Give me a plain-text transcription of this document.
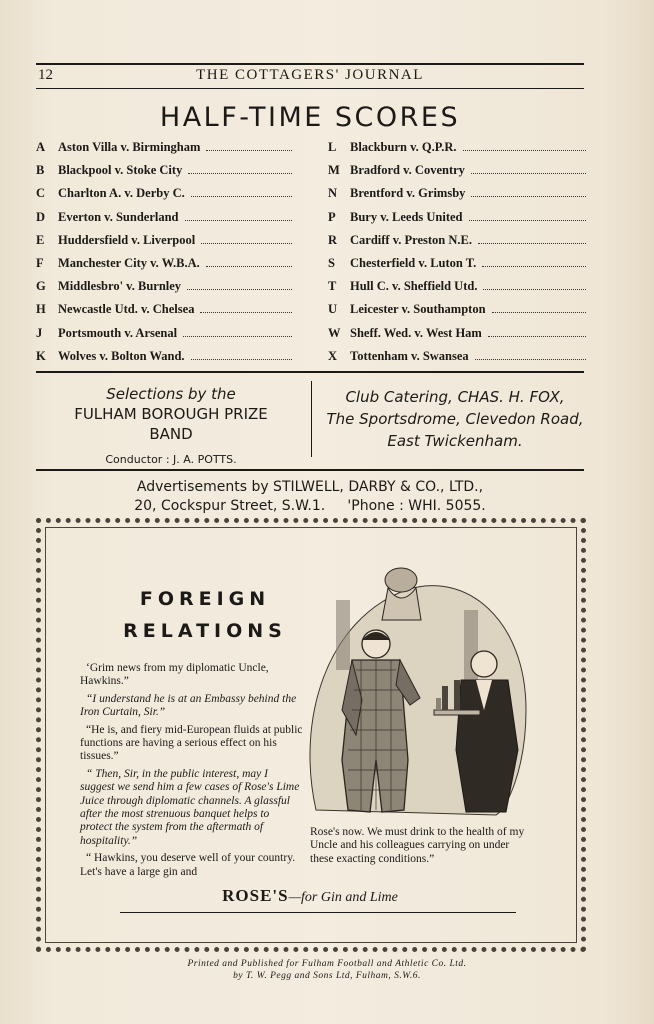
12	THE COTTAGERS' JOURNAL
HALF-TIME SCORES
A	Aston Villa v. Birmingham
B	Blackpool v. Stoke City
C	Charlton A. v. Derby C.
D	Everton v. Sunderland
E	Huddersfield v. Liverpool
F	Manchester City v. W.B.A.
G Middlesbro' v. Burnley
H Newcastle Utd. v. Chelsea
J	Portsmouth v. Arsenal
K Wolves v. Bolton Wand.
L	Blackburn v. Q.P.R.
M Bradford v. Coventry
N	Brentford v. Grimsby
P	Bury v. Leeds United
R	Cardiff v. Preston N.E.
S	Chesterfield v. Luton T.
T	Hull C. v. Sheffield Utd.
U	Leicester v. Southampton
W Sheff. Wed. v. West Ham
X	Tottenham v. Swansea
Selections by the
FULHAM BOROUGH PRIZE
BAND
Conductor : J. A. POTTS.
Club Catering, CHAS. H. FOX,
The Sportsdrome, Clevedon Road,
East Twickenham.
Advertisements by STILWELL, DARBY & CO., LTD.,
20, Cockspur Street, S.W.1.     'Phone : WHI. 5055.
FOREIGN
RELATIONS

‘Grim news from my diplomatic Uncle, Hawkins.”

“I understand he is at an Embassy behind the Iron Curtain, Sir.”

“He is, and fiery mid-European fluids at public functions are having a serious effect on his tissues.”

“ Then, Sir, in the public interest, may I suggest we send him a few cases of Rose's Lime Juice through diplomatic channels. A glassful after the most strenuous banquet helps to protect the system from the aftermath of hospitality.”

“ Hawkins, you deserve well of your country. Let's have a large gin and

Rose's now. We must drink to the health of my Uncle and his colleagues carrying on under these exacting conditions.”
ROSE'S—for Gin and Lime
Printed and Published for Fulham Football and Athletic Co. Ltd.
by T. W. Pegg and Sons Ltd, Fulham, S.W.6.
